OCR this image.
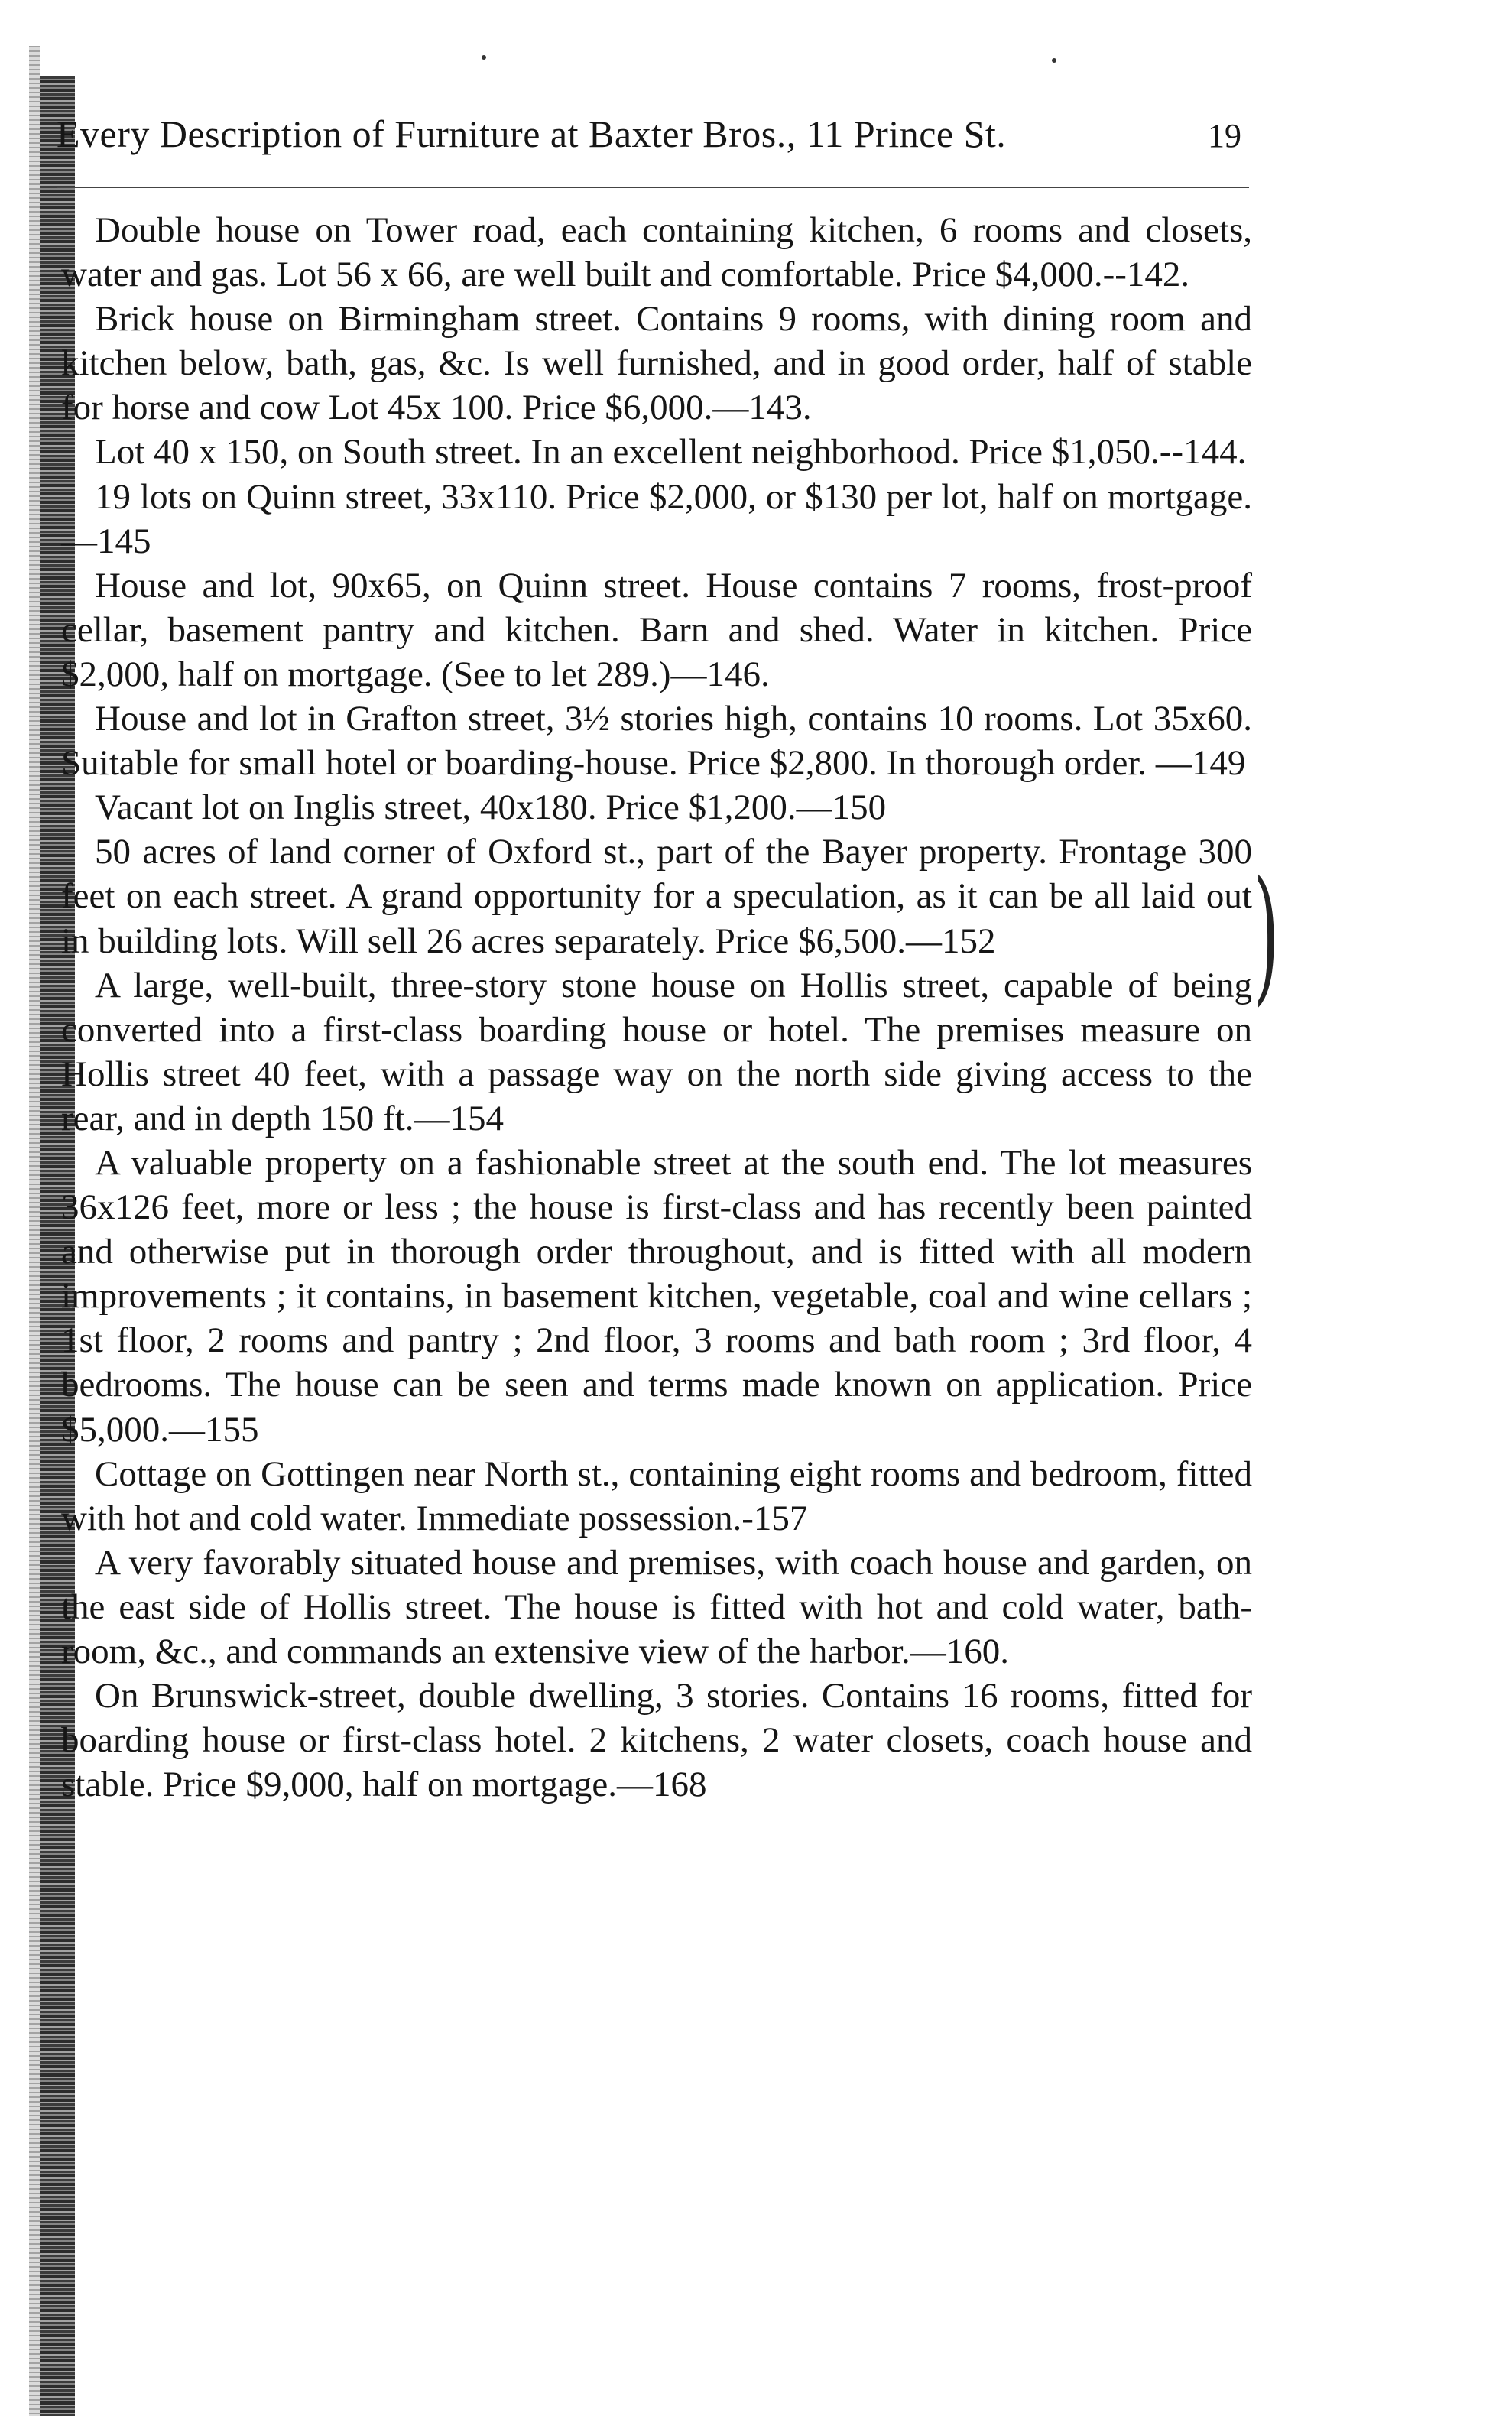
Every Description of Furniture at Baxter Bros., 11 Prince St.	19

Double house on Tower road, each containing kitchen, 6 rooms and closets, water and gas. Lot 56 x 66, are well built and comfortable. Price $4,000.--142.

Brick house on Birmingham street. Contains 9 rooms, with dining room and kitchen below, bath, gas, &c. Is well furnished, and in good order, half of stable for horse and cow Lot 45x 100. Price $6,000.—143.

Lot 40 x 150, on South street. In an excellent neighborhood. Price $1,050.--144.

19 lots on Quinn street, 33x110. Price $2,000, or $130 per lot, half on mortgage.—145

House and lot, 90x65, on Quinn street. House contains 7 rooms, frost-proof cellar, basement pantry and kitchen. Barn and shed. Water in kitchen. Price $2,000, half on mortgage. (See to let 289.)—146.

House and lot in Grafton street, 3½ stories high, contains 10 rooms. Lot 35x60. Suitable for small hotel or boarding-house. Price $2,800. In thorough order. —149

Vacant lot on Inglis street, 40x180. Price $1,200.—150

50 acres of land corner of Oxford st., part of the Bayer property. Frontage 300 feet on each street. A grand opportunity for a speculation, as it can be all laid out in building lots. Will sell 26 acres separately. Price $6,500.—152

A large, well-built, three-story stone house on Hollis street, capable of being converted into a first-class boarding house or hotel. The premises measure on Hollis street 40 feet, with a passage way on the north side giving access to the rear, and in depth 150 ft.—154

A valuable property on a fashionable street at the south end. The lot measures 36x126 feet, more or less ; the house is first-class and has recently been painted and otherwise put in thorough order throughout, and is fitted with all modern improvements ; it contains, in basement kitchen, vegetable, coal and wine cellars ; 1st floor, 2 rooms and pantry ; 2nd floor, 3 rooms and bath room ; 3rd floor, 4 bedrooms. The house can be seen and terms made known on application. Price $5,000.—155

Cottage on Gottingen near North st., containing eight rooms and bedroom, fitted with hot and cold water. Immediate possession.-157

A very favorably situated house and premises, with coach house and garden, on the east side of Hollis street. The house is fitted with hot and cold water, bath-room, &c., and commands an extensive view of the harbor.—160.

On Brunswick-street, double dwelling, 3 stories. Contains 16 rooms, fitted for boarding house or first-class hotel. 2 kitchens, 2 water closets, coach house and stable. Price $9,000, half on mortgage.—168

)
